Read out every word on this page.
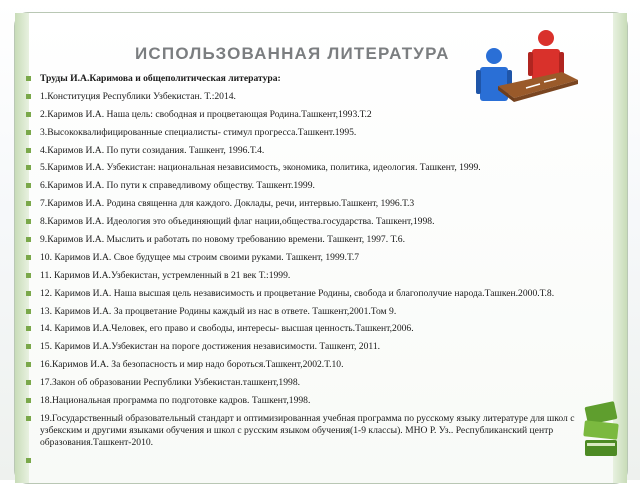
ИСПОЛЬЗОВАННАЯ ЛИТЕРАТУРА
Труды И.А.Каримова и общеполитическая литература:
1.Конституция Республики Узбекистан. Т.:2014.
2.Каримов И.А. Наша цель: свободная и процветающая Родина.Ташкент,1993.Т.2
3.Высококвалифицированные специалисты- стимул прогресса.Ташкент.1995.
4.Каримов И.А. По пути созидания. Ташкент, 1996.Т.4.
5.Каримов И.А. Узбекистан: национальная независимость, экономика, политика, идеология. Ташкент, 1999.
6.Каримов И.А. По пути к справедливому обществу. Ташкент.1999.
7.Каримов И.А. Родина священна для каждого. Доклады, речи, интервью.Ташкент, 1996.Т.3
8.Каримов И.А. Идеология это объединяющий флаг нации,общества.государства. Ташкент,1998.
9.Каримов И.А. Мыслить и работать по новому требованию времени. Ташкент, 1997. Т.6.
10. Каримов И.А. Свое будущее мы строим своими руками. Ташкент, 1999.Т.7
11. Каримов И.А.Узбекистан, устремленный в 21 век Т.:1999.
12. Каримов И.А. Наша высшая цель независимость и процветание Родины, свобода и благополучие народа.Ташкен.2000.Т.8.
13. Каримов И.А. За процветание Родины каждый из нас в ответе. Ташкент,2001.Том 9.
14. Каримов И.А.Человек, его право и свободы, интересы- высшая ценность.Ташкент,2006.
15. Каримов И.А.Узбекистан на пороге достижения независимости. Ташкент, 2011.
16.Каримов И.А. За безопасность и мир надо бороться.Ташкент,2002.Т.10.
17.Закон об образовании Республики Узбекистан.ташкент,1998.
18.Национальная программа по подготовке кадров. Ташкент,1998.
19.Государственный образовательный стандарт и оптимизированная учебная программа по русскому языку литературе для школ с узбекским и другими языками обучения и школ с русским языком обучения(1-9 классы). МНО Р. Уз.. Республиканский центр образования.Ташкент-2010.
